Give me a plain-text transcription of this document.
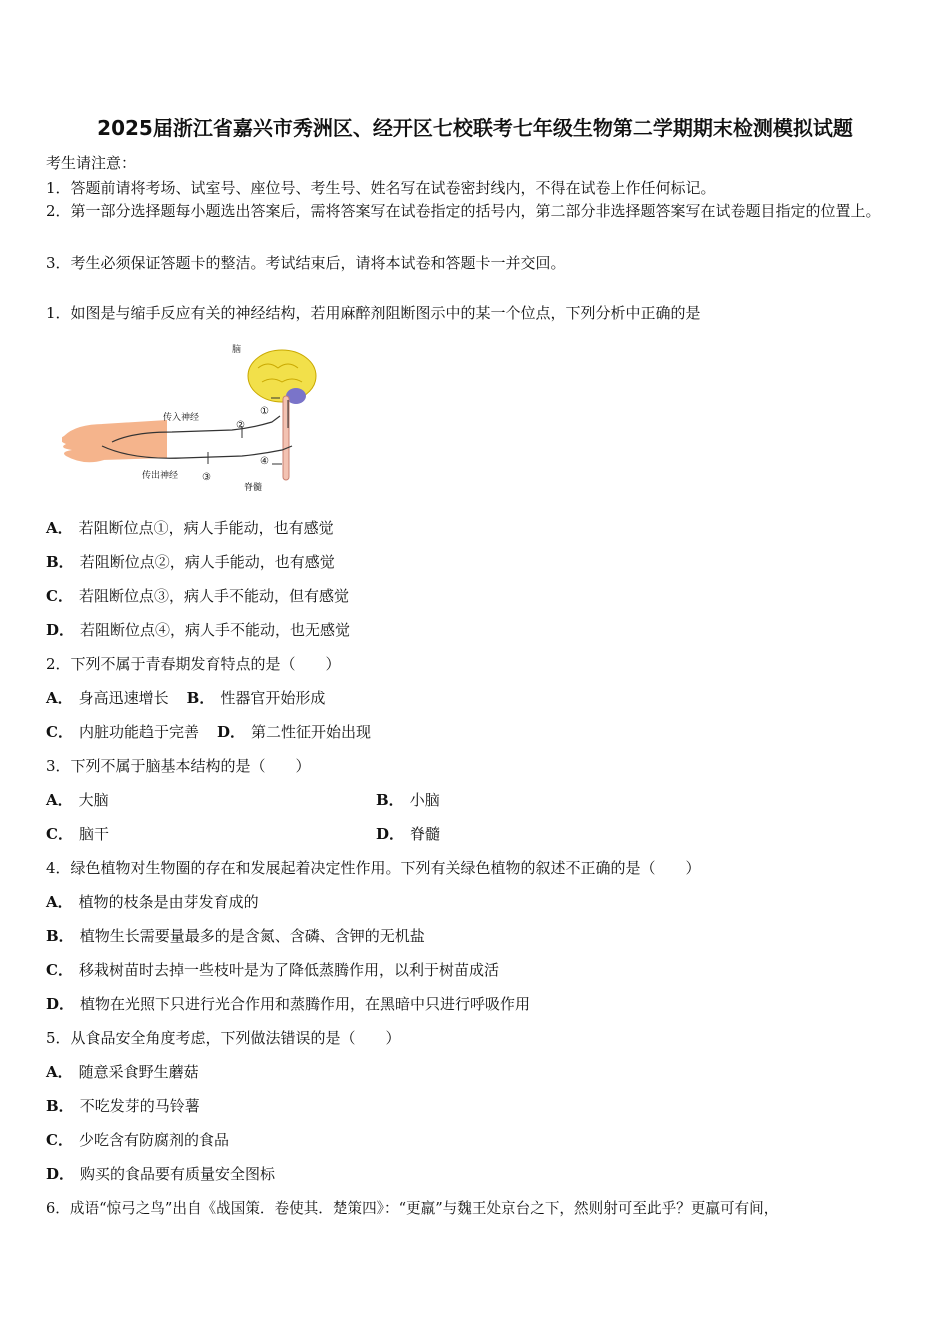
2025届浙江省嘉兴市秀洲区、经开区七校联考七年级生物第二学期期末检测模拟试题
考生请注意：
1．答题前请将考场、试室号、座位号、考生号、姓名写在试卷密封线内，不得在试卷上作任何标记。
2．第一部分选择题每小题选出答案后，需将答案写在试卷指定的括号内，第二部分非选择题答案写在试卷题目指定的位置上。
3．考生必须保证答题卡的整洁。考试结束后，请将本试卷和答题卡一并交回。
1．如图是与缩手反应有关的神经结构，若用麻醉剂阻断图示中的某一个位点，下列分析中正确的是
脑
传入神经
传出神经
脊髓
①
②
③
④
A． 若阻断位点①，病人手能动，也有感觉
B． 若阻断位点②，病人手能动，也有感觉
C． 若阻断位点③，病人手不能动，但有感觉
D． 若阻断位点④，病人手不能动，也无感觉
2．下列不属于青春期发育特点的是（　　）
A． 身高迅速增长 B． 性器官开始形成
C． 内脏功能趋于完善 D． 第二性征开始出现
3．下列不属于脑基本结构的是（　　）
A． 大脑	B． 小脑
C． 脑干	D． 脊髓
4．绿色植物对生物圈的存在和发展起着决定性作用。下列有关绿色植物的叙述不正确的是（　　）
A． 植物的枝条是由芽发育成的
B． 植物生长需要量最多的是含氮、含磷、含钾的无机盐
C． 移栽树苗时去掉一些枝叶是为了降低蒸腾作用，以利于树苗成活
D． 植物在光照下只进行光合作用和蒸腾作用，在黑暗中只进行呼吸作用
5．从食品安全角度考虑，下列做法错误的是（　　）
A． 随意采食野生蘑菇
B． 不吃发芽的马铃薯
C． 少吃含有防腐剂的食品
D． 购买的食品要有质量安全图标
6．成语“惊弓之鸟”出自《战国策．卷使其．楚策四》：“更羸”与魏王处京台之下，然则射可至此乎？更羸可有间，
